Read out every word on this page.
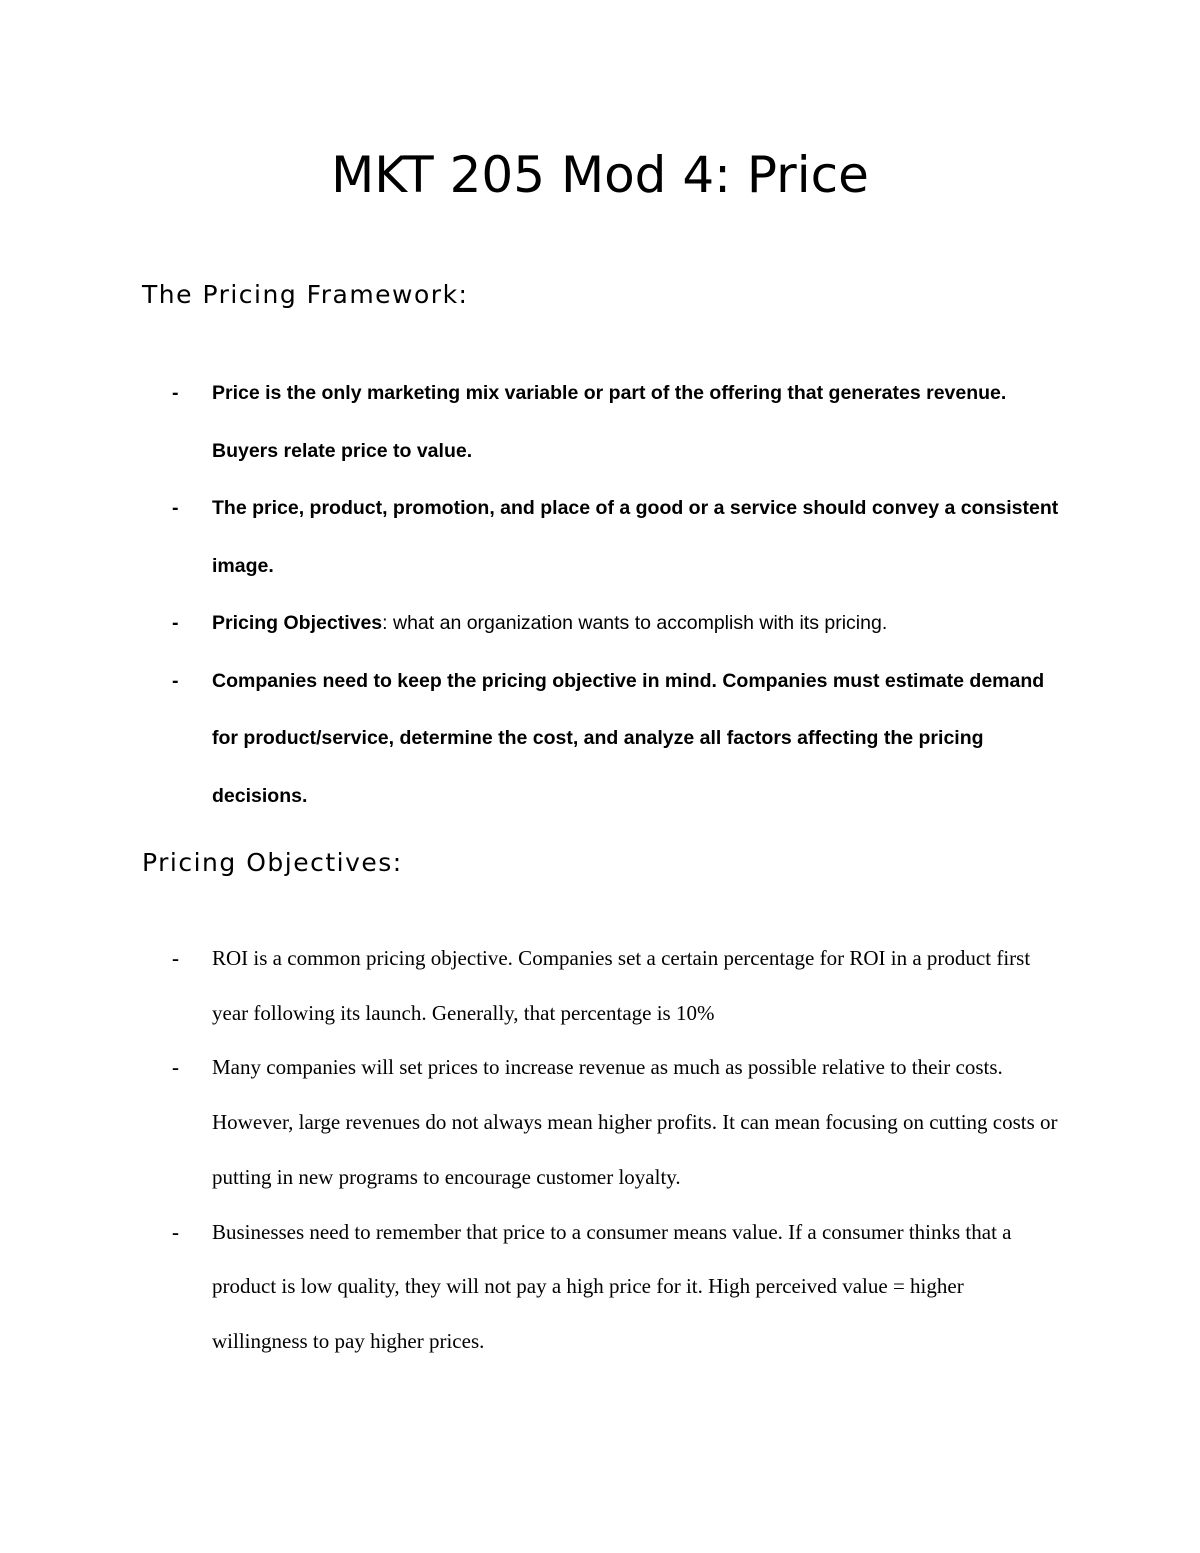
MKT 205 Mod 4: Price
The Pricing Framework:
- Price is the only marketing mix variable or part of the offering that generates revenue. Buyers relate price to value.
- The price, product, promotion, and place of a good or a service should convey a consistent image.
- Pricing Objectives: what an organization wants to accomplish with its pricing.
- Companies need to keep the pricing objective in mind. Companies must estimate demand for product/service, determine the cost, and analyze all factors affecting the pricing decisions.
Pricing Objectives:
- ROI is a common pricing objective. Companies set a certain percentage for ROI in a product first year following its launch. Generally, that percentage is 10%
- Many companies will set prices to increase revenue as much as possible relative to their costs. However, large revenues do not always mean higher profits. It can mean focusing on cutting costs or putting in new programs to encourage customer loyalty.
- Businesses need to remember that price to a consumer means value. If a consumer thinks that a product is low quality, they will not pay a high price for it. High perceived value = higher willingness to pay higher prices.
